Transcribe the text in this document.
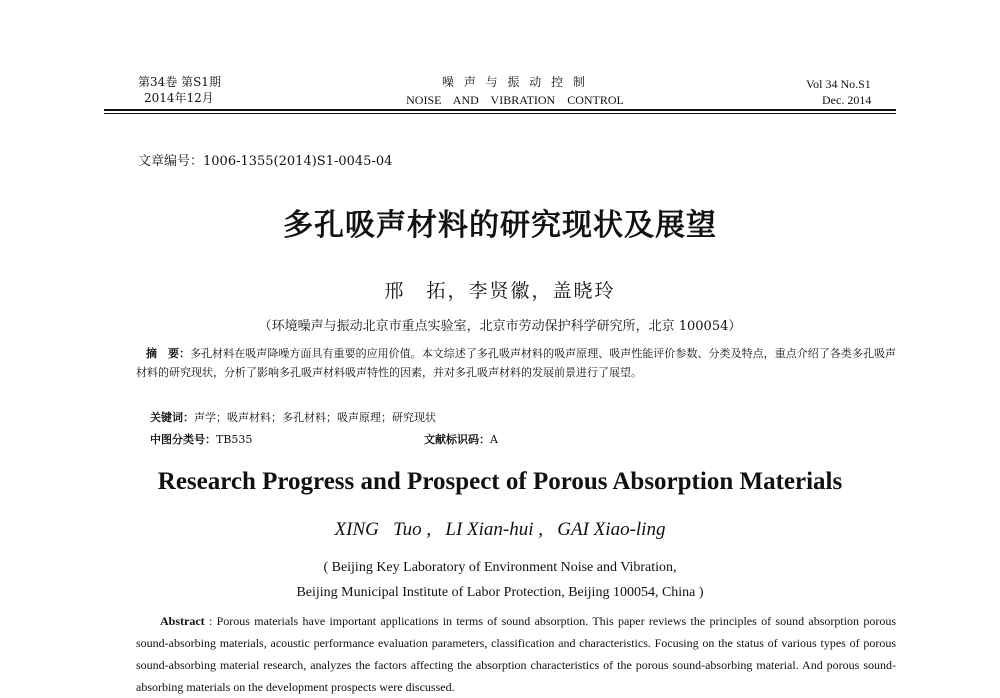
第34卷 第S1期
2014年12月
噪 声 与 振 动 控 制
NOISE    AND    VIBRATION    CONTROL
Vol 34 No.S1
Dec. 2014
文章编号：1006-1355(2014)S1-0045-04
多孔吸声材料的研究现状及展望
邢　拓，李贤徽，盖晓玲
（环境噪声与振动北京市重点实验室，北京市劳动保护科学研究所，北京 100054）
摘　要：多孔材料在吸声降噪方面具有重要的应用价值。本文综述了多孔吸声材料的吸声原理、吸声性能评价参数、分类及特点，重点介绍了各类多孔吸声材料的研究现状，分析了影响多孔吸声材料吸声特性的因素，并对多孔吸声材料的发展前景进行了展望。
关键词：声学；吸声材料；多孔材料；吸声原理；研究现状
中图分类号：TB535	文献标识码：A
Research Progress and Prospect of Porous Absorption Materials
XING   Tuo ,   LI Xian-hui ,   GAI Xiao-ling
( Beijing Key Laboratory of Environment Noise and Vibration,
Beijing Municipal Institute of Labor Protection, Beijing 100054, China )
Abstract : Porous materials have important applications in terms of sound absorption. This paper reviews the principles of sound absorption porous sound-absorbing materials, acoustic performance evaluation parameters, classification and characteristics. Focusing on the status of various types of porous sound-absorbing material research, analyzes the factors affecting the absorption characteristics of the porous sound-absorbing material. And porous sound-absorbing materials on the development prospects were discussed.
